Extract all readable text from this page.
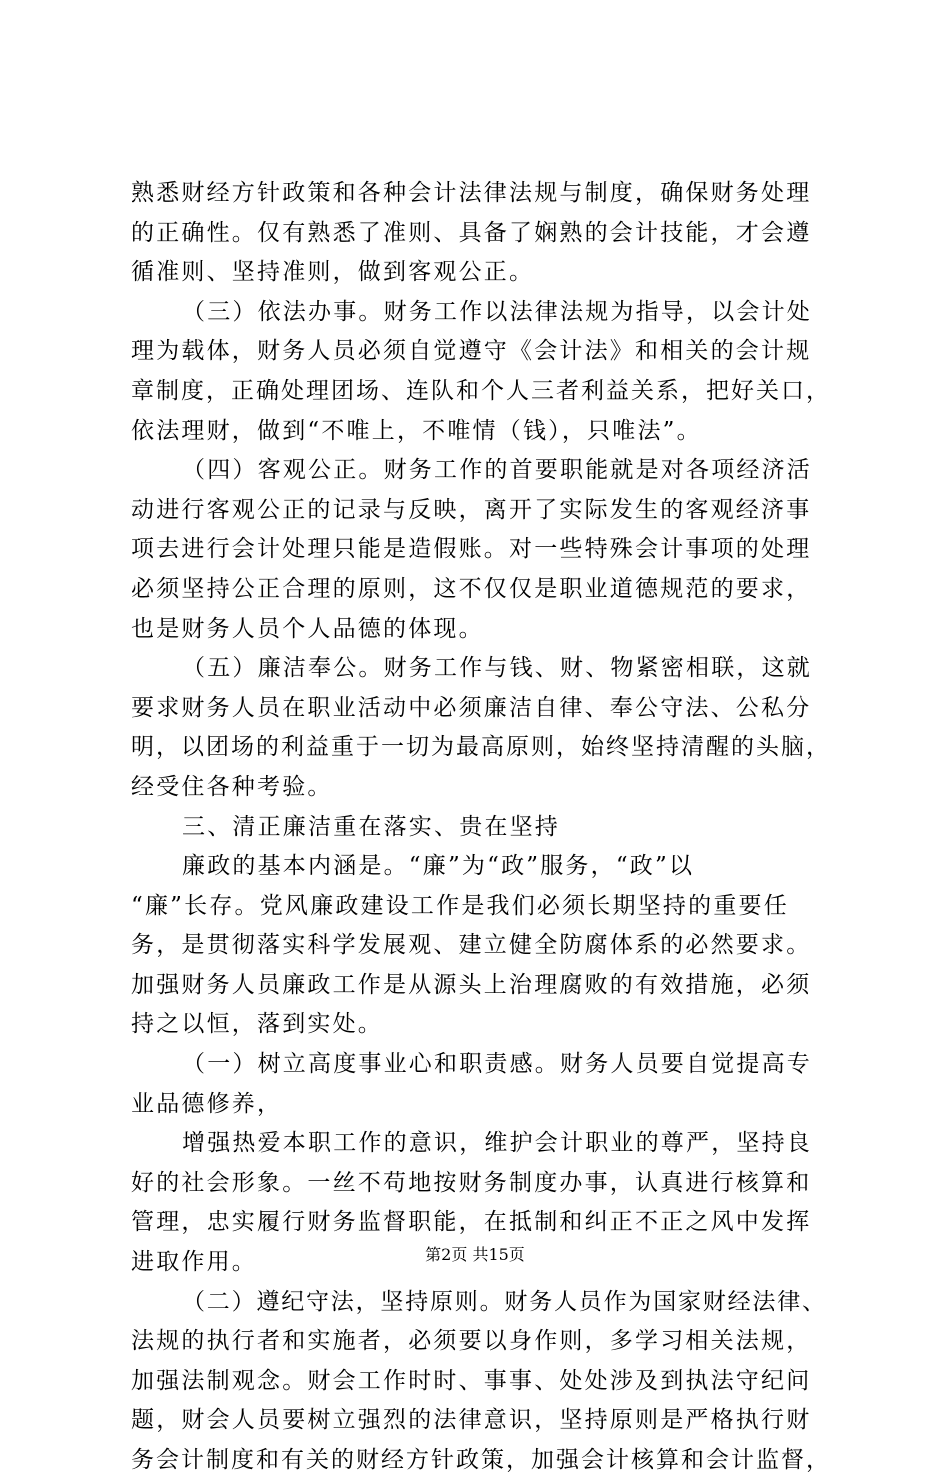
熟悉财经方针政策和各种会计法律法规与制度，确保财务处理
的正确性。仅有熟悉了准则、具备了娴熟的会计技能，才会遵
循准则、坚持准则，做到客观公正。
（三）依法办事。财务工作以法律法规为指导，以会计处
理为载体，财务人员必须自觉遵守《会计法》和相关的会计规
章制度，正确处理团场、连队和个人三者利益关系，把好关口，
依法理财，做到“不唯上，不唯情（钱），只唯法”。
（四）客观公正。财务工作的首要职能就是对各项经济活
动进行客观公正的记录与反映，离开了实际发生的客观经济事
项去进行会计处理只能是造假账。对一些特殊会计事项的处理
必须坚持公正合理的原则，这不仅仅是职业道德规范的要求，
也是财务人员个人品德的体现。
（五）廉洁奉公。财务工作与钱、财、物紧密相联，这就
要求财务人员在职业活动中必须廉洁自律、奉公守法、公私分
明，以团场的利益重于一切为最高原则，始终坚持清醒的头脑，
经受住各种考验。
三、清正廉洁重在落实、贵在坚持
廉政的基本内涵是。“廉”为“政”服务，“政”以
“廉”长存。党风廉政建设工作是我们必须长期坚持的重要任
务，是贯彻落实科学发展观、建立健全防腐体系的必然要求。
加强财务人员廉政工作是从源头上治理腐败的有效措施，必须
持之以恒，落到实处。
（一）树立高度事业心和职责感。财务人员要自觉提高专
业品德修养，
增强热爱本职工作的意识，维护会计职业的尊严，坚持良
好的社会形象。一丝不苟地按财务制度办事，认真进行核算和
管理，忠实履行财务监督职能，在抵制和纠正不正之风中发挥
进取作用。
（二）遵纪守法，坚持原则。财务人员作为国家财经法律、
法规的执行者和实施者，必须要以身作则，多学习相关法规，
加强法制观念。财会工作时时、事事、处处涉及到执法守纪问
题，财会人员要树立强烈的法律意识，坚持原则是严格执行财
务会计制度和有关的财经方针政策，加强会计核算和会计监督，
第2页 共15页
